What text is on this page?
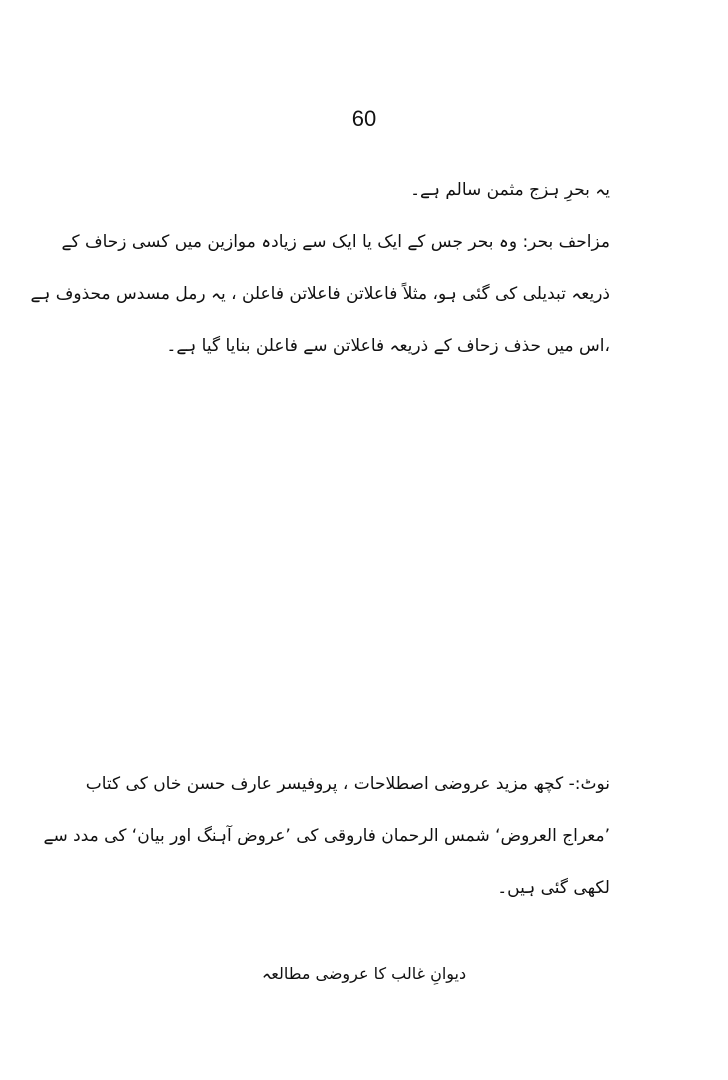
60
یہ بحرِ ہزج مثمن سالم ہے۔
مزاحف بحر: وہ بحر جس کے ایک یا ایک سے زیادہ موازین میں کسی زحاف کے
ذریعہ تبدیلی کی گئی ہو، مثلاً فاعلاتن فاعلاتن فاعلن ، یہ رمل مسدس محذوف ہے
،اس میں حذف زحاف کے ذریعہ فاعلاتن سے فاعلن بنایا گیا ہے۔
نوٹ:- کچھ مزید عروضی اصطلاحات ، پروفیسر عارف حسن خاں کی کتاب
’معراج العروض‘ شمس الرحمان فاروقی کی ’عروض آہنگ اور بیان‘ کی مدد سے
لکھی گئی ہیں۔
دیوانِ غالب کا عروضی مطالعہ
